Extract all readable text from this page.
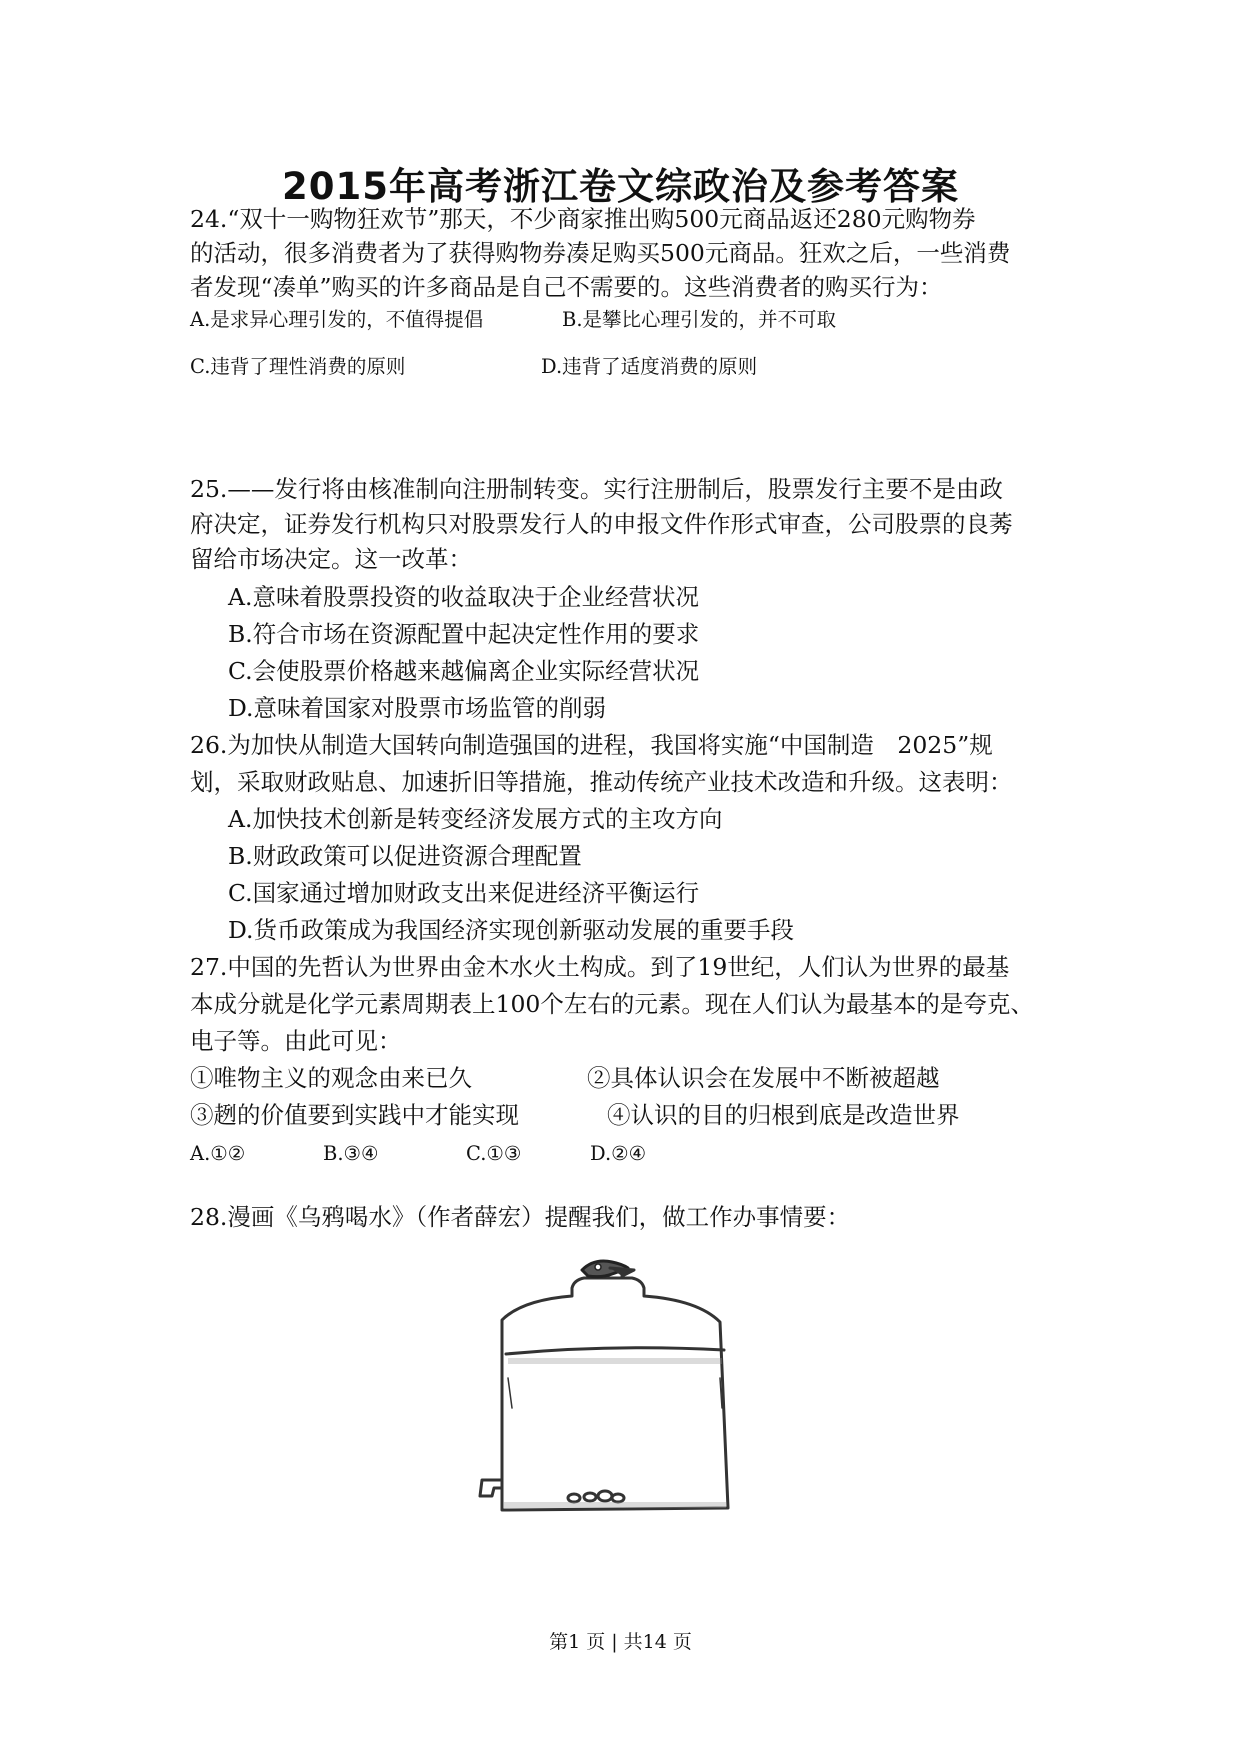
2015年高考浙江卷文综政治及参考答案
24.“双十一购物狂欢节”那天，不少商家推出购500元商品返还280元购物券
的活动，很多消费者为了获得购物券凑足购买500元商品。狂欢之后，一些消费
者发现“凑单”购买的许多商品是自己不需要的。这些消费者的购买行为：
A.是求异心理引发的，不值得提倡	B.是攀比心理引发的，并不可取
C.违背了理性消费的原则	D.违背了适度消费的原则
25.——发行将由核准制向注册制转变。实行注册制后，股票发行主要不是由政
府决定，证券发行机构只对股票发行人的申报文件作形式审查，公司股票的良莠
留给市场决定。这一改革：
A.意味着股票投资的收益取决于企业经营状况
B.符合市场在资源配置中起决定性作用的要求
C.会使股票价格越来越偏离企业实际经营状况
D.意味着国家对股票市场监管的削弱
26.为加快从制造大国转向制造强国的进程，我国将实施“中国制造　2025”规
划，采取财政贴息、加速折旧等措施，推动传统产业技术改造和升级。这表明：
A.加快技术创新是转变经济发展方式的主攻方向
B.财政政策可以促进资源合理配置
C.国家通过增加财政支出来促进经济平衡运行
D.货币政策成为我国经济实现创新驱动发展的重要手段
27.中国的先哲认为世界由金木水火土构成。到了19世纪，人们认为世界的最基
本成分就是化学元素周期表上100个左右的元素。现在人们认为最基本的是夸克、
电子等。由此可见：
①唯物主义的观念由来已久	②具体认识会在发展中不断被超越
③趔的价值要到实践中才能实现	④认识的目的归根到底是改造世界
A.①②	B.③④	C.①③	D.②④
28.漫画《乌鸦喝水》（作者薛宏）提醒我们，做工作办事情要：
第1 页 | 共14 页
